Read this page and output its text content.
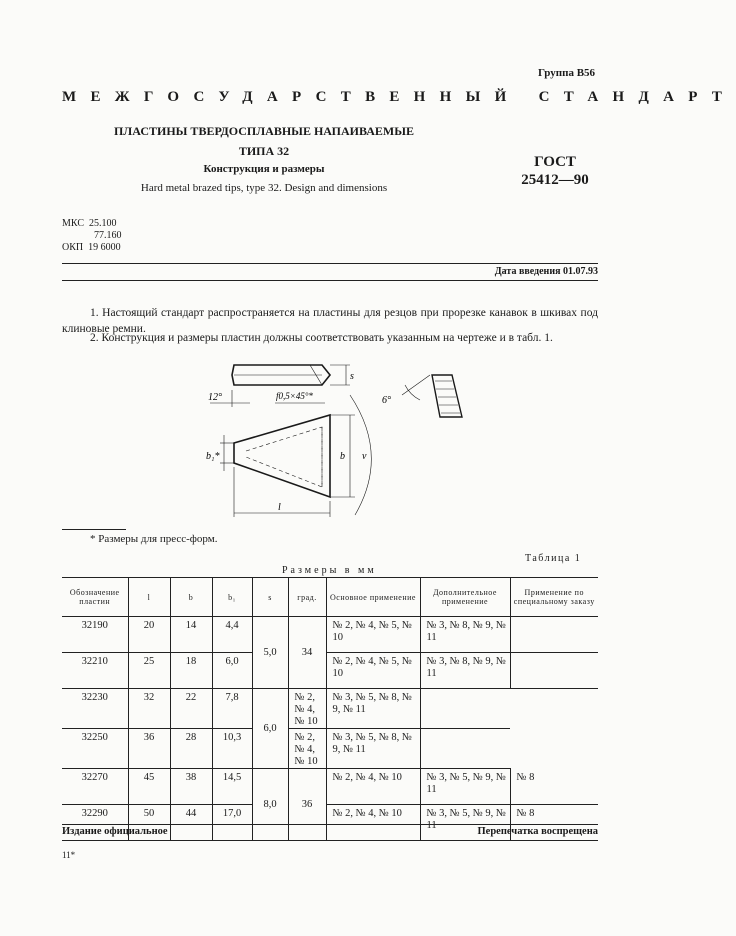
Группа В56
МЕЖГОСУДАРСТВЕННЫЙ СТАНДАРТ
ПЛАСТИНЫ ТВЕРДОСПЛАВНЫЕ НАПАИВАЕМЫЕ
ТИПА 32
Конструкция и размеры
Hard metal brazed tips, type 32. Design and dimensions
ГОСТ
25412—90
МКС 25.100
77.160
ОКП 19 6000
Дата введения 01.07.93
1. Настоящий стандарт распространяется на пластины для резцов при прорезке канавок в шкивах под клиновые ремни.
2. Конструкция и размеры пластин должны соответствовать указанным на чертеже и в табл. 1.
12°	f0,5×45°*
s
6°
b₁*	b ν
l
* Размеры для пресс-форм.
Таблица 1
Размеры в мм
Обозначение пластин	l	b	b₁	s	град.	Основное применение	Дополнительное применение	Применение по специальному заказу
32190	20	14	4,4	5,0	34	№ 2, № 4, № 5, № 10	№ 3, № 8, № 9, № 11	
32210	25	18	6,0			№ 2, № 4, № 5, № 10	№ 3, № 8, № 9, № 11	
32230	32	22	7,8	6,0	№ 2, № 4, № 10	№ 3, № 5, № 8, № 9, № 11		
32250	36	28	10,3		№ 2, № 4, № 10	№ 3, № 5, № 8, № 9, № 11		
32270	45	38	14,5	8,0	36	№ 2, № 4, № 10	№ 3, № 5, № 9, № 11	№ 8
32290	50	44	17,0			№ 2, № 4, № 10	№ 3, № 5, № 9, № 11	№ 8
Издание официальное	Перепечатка воспрещена
11*
